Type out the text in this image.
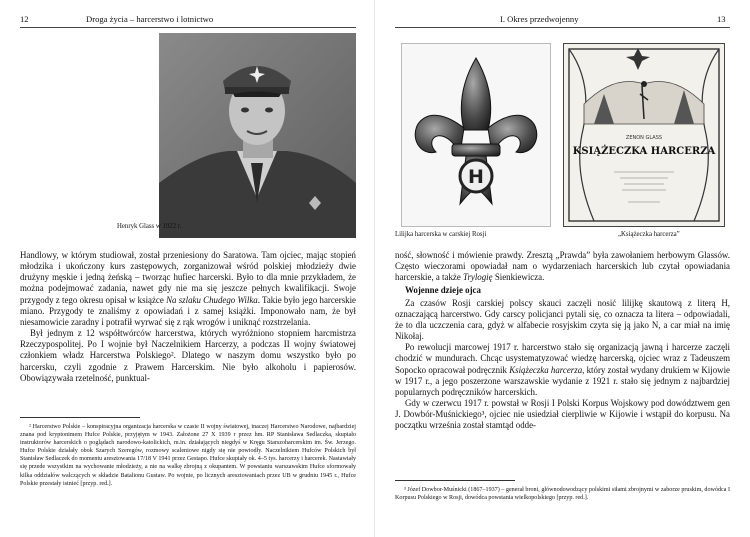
12	Droga życia – harcerstwo i lotnictwo
Henryk Glass w 1922 r.

Handlowy, w którym studiował, został przeniesiony do Saratowa. Tam ojciec, mając stopień młodzika i ukończony kurs zastępowych, zorganizował wśród polskiej młodzieży dwie drużyny męskie i jedną żeńską – tworząc hufiec harcerski. Było to dla mnie przykładem, że można podejmować zadania, nawet gdy nie ma się jeszcze pełnych kwalifikacji. Swoje przygody z tego okresu opisał w książce Na szlaku Chudego Wilka. Takie było jego harcerskie miano. Przygody te znaliśmy z opowiadań i z samej książki. Imponowało nam, że był niesamowicie zaradny i potrafił wyrwać się z rąk wrogów i uniknąć rozstrzelania.

Był jednym z 12 współtwórców harcerstwa, których wyróżniono stopniem harcmistrza Rzeczypospolitej. Po I wojnie był Naczelnikiem Harcerzy, a podczas II wojny światowej członkiem władz Harcerstwa Polskiego². Dlatego w naszym domu wszystko było po harcersku, czyli zgodnie z Prawem Harcerskim. Nie było alkoholu i papierosów. Obowiązywała rzetelność, punktual-

² Harcerstwo Polskie – konspiracyjna organizacja harcerska w czasie II wojny światowej, inaczej Harcerstwo Narodowe, najbardziej znana pod kryptonimem Hufce Polskie, przyjętym w 1943. Założone 27 X 1939 r przez hm. RP Stanisława Sedlaczka, skupiało instruktorów harcerskich o poglądach narodowo-katolickich, m.in. działających niegdyś w Kręgu Starszoharcerskim im. Św. Jerzego. Hufce Polskie działały obok Szarych Szeregów, rozmowy scaleniowe nigdy się nie powiodły. Naczelnikiem Hufców Polskich był Stanisław Sedlaczek do momentu aresztowania 17/18 V 1941 przez Gestapo. Hufce skupiały ok. 4–5 tys. harcerzy i harcerek. Nastawiały się przede wszystkim na wychowanie młodzieży, a nie na walkę zbrojną z okupantem. W powstaniu warszawskim Hufce sformowały kilka oddziałów walczących w składzie Batalionu Gustaw. Po wojnie, po licznych aresztowaniach przez UB w grudniu 1945 r., Hufce Polskie przestały istnieć [przyp. red.].

I. Okres przedwojenny	13
H
Lilijka harcerska w carskiej Rosji
ZENON GLASS
KSIĄŻECZKA HARCERZA
„Książeczka harcerza”

ność, słowność i mówienie prawdy. Zresztą „Prawda” była zawołaniem herbowym Glassów. Często wieczorami opowiadał nam o wydarzeniach harcerskich lub czytał opowiadania harcerskie, a także Trylogię Sienkiewicza.

Wojenne dzieje ojca

Za czasów Rosji carskiej polscy skauci zaczęli nosić lilijkę skautową z literą H, oznaczającą harcerstwo. Gdy carscy policjanci pytali się, co oznacza ta litera – odpowiadali, że to dla uczczenia cara, gdyż w alfabecie rosyjskim czyta się ją jako N, a car miał na imię Nikołaj.

Po rewolucji marcowej 1917 r. harcerstwo stało się organizacją jawną i harcerze zaczęli chodzić w mundurach. Chcąc usystematyzować wiedzę harcerską, ojciec wraz z Tadeuszem Sopocko opracował podręcznik Książeczka harcerza, który został wydany drukiem w Kijowie w 1917 r., a jego poszerzone warszawskie wydanie z 1921 r. stało się jednym z najbardziej popularnych podręczników harcerskich.

Gdy w czerwcu 1917 r. powstał w Rosji I Polski Korpus Wojskowy pod dowództwem gen J. Dowbór-Muśnickiego³, ojciec nie usiedział cierpliwie w Kijowie i wstąpił do korpusu. Na początku września został stamtąd odde-

³ Józef Dowbor-Muśnicki (1867–1937) – generał broni, głównodowodzący polskimi siłami zbrojnymi w zaborze pruskim, dowódca I Korpusu Polskiego w Rosji, dowódca powstania wielkopolskiego [przyp. red.].
